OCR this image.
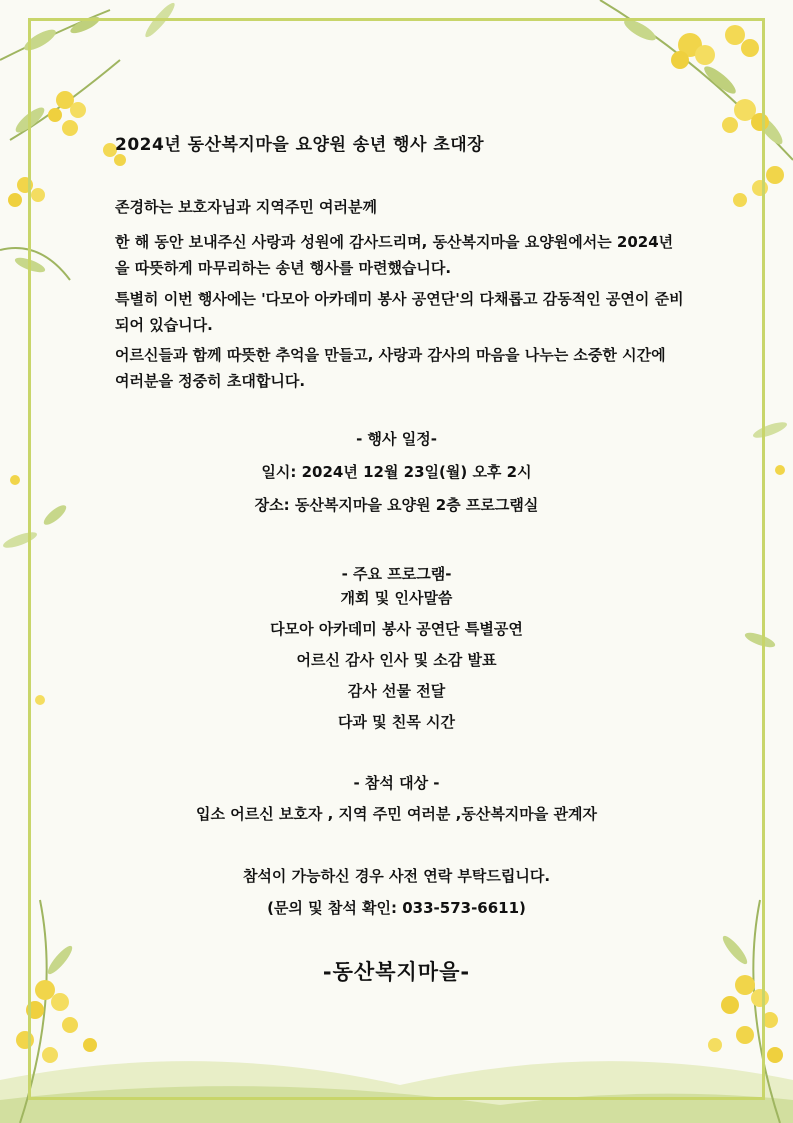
2024년 동산복지마을 요양원 송년 행사 초대장
존경하는 보호자님과 지역주민 여러분께
한 해 동안 보내주신 사랑과 성원에 감사드리며, 동산복지마을 요양원에서는 2024년을 따뜻하게 마무리하는 송년 행사를 마련했습니다.
특별히 이번 행사에는 '다모아 아카데미 봉사 공연단'의 다채롭고 감동적인 공연이 준비되어 있습니다.
어르신들과 함께 따뜻한 추억을 만들고, 사랑과 감사의 마음을 나누는 소중한 시간에 여러분을 정중히 초대합니다.
- 행사 일정-
일시: 2024년 12월 23일(월) 오후 2시
장소: 동산복지마을 요양원 2층 프로그램실
- 주요 프로그램-
개회 및 인사말씀
다모아 아카데미 봉사 공연단 특별공연
어르신 감사 인사 및 소감 발표
감사 선물 전달
다과 및 친목 시간
- 참석 대상 -
입소 어르신 보호자 , 지역 주민 여러분 ,동산복지마을 관계자
참석이 가능하신 경우 사전 연락 부탁드립니다.
(문의 및 참석 확인: 033-573-6611)
-동산복지마을-
